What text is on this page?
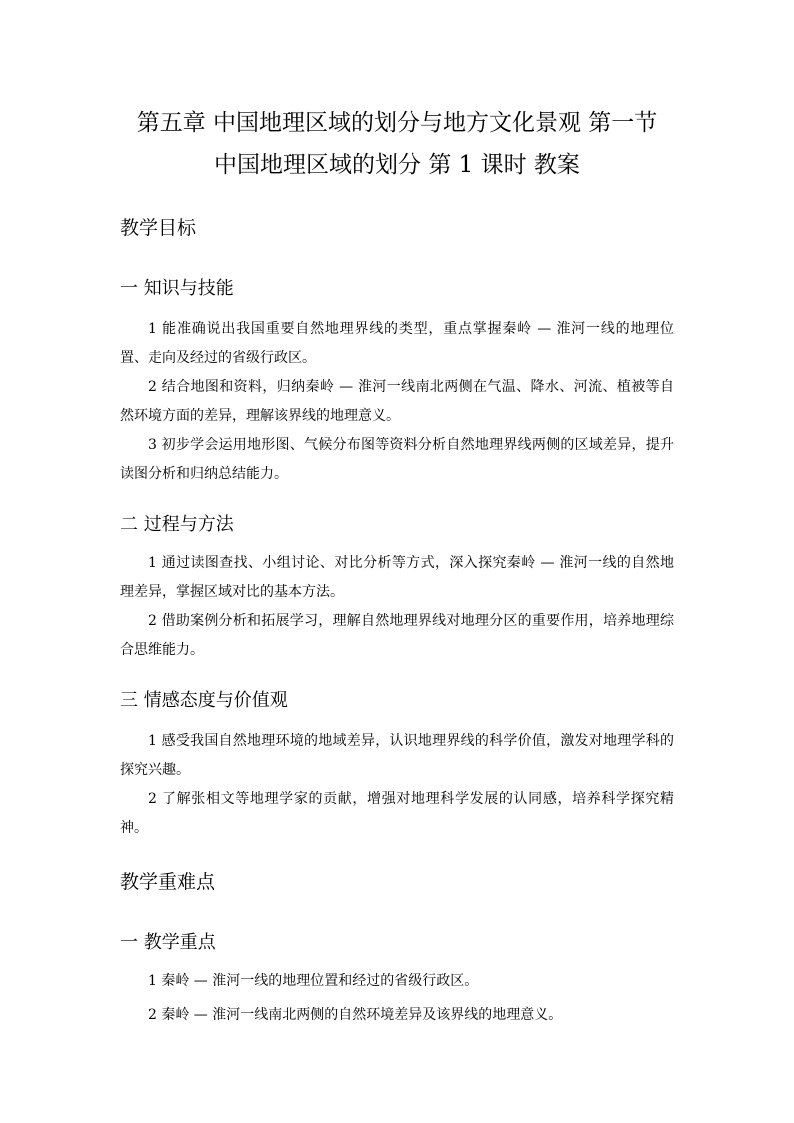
第五章 中国地理区域的划分与地方文化景观 第一节
中国地理区域的划分 第 1 课时 教案
教学目标
一 知识与技能
1 能准确说出我国重要自然地理界线的类型，重点掌握秦岭 — 淮河一线的地理位置、走向及经过的省级行政区。
2 结合地图和资料，归纳秦岭 — 淮河一线南北两侧在气温、降水、河流、植被等自然环境方面的差异，理解该界线的地理意义。
3 初步学会运用地形图、气候分布图等资料分析自然地理界线两侧的区域差异，提升读图分析和归纳总结能力。
二 过程与方法
1 通过读图查找、小组讨论、对比分析等方式，深入探究秦岭 — 淮河一线的自然地理差异，掌握区域对比的基本方法。
2 借助案例分析和拓展学习，理解自然地理界线对地理分区的重要作用，培养地理综合思维能力。
三 情感态度与价值观
1 感受我国自然地理环境的地域差异，认识地理界线的科学价值，激发对地理学科的探究兴趣。
2 了解张相文等地理学家的贡献，增强对地理科学发展的认同感，培养科学探究精神。
教学重难点
一 教学重点
1 秦岭 — 淮河一线的地理位置和经过的省级行政区。
2 秦岭 — 淮河一线南北两侧的自然环境差异及该界线的地理意义。
